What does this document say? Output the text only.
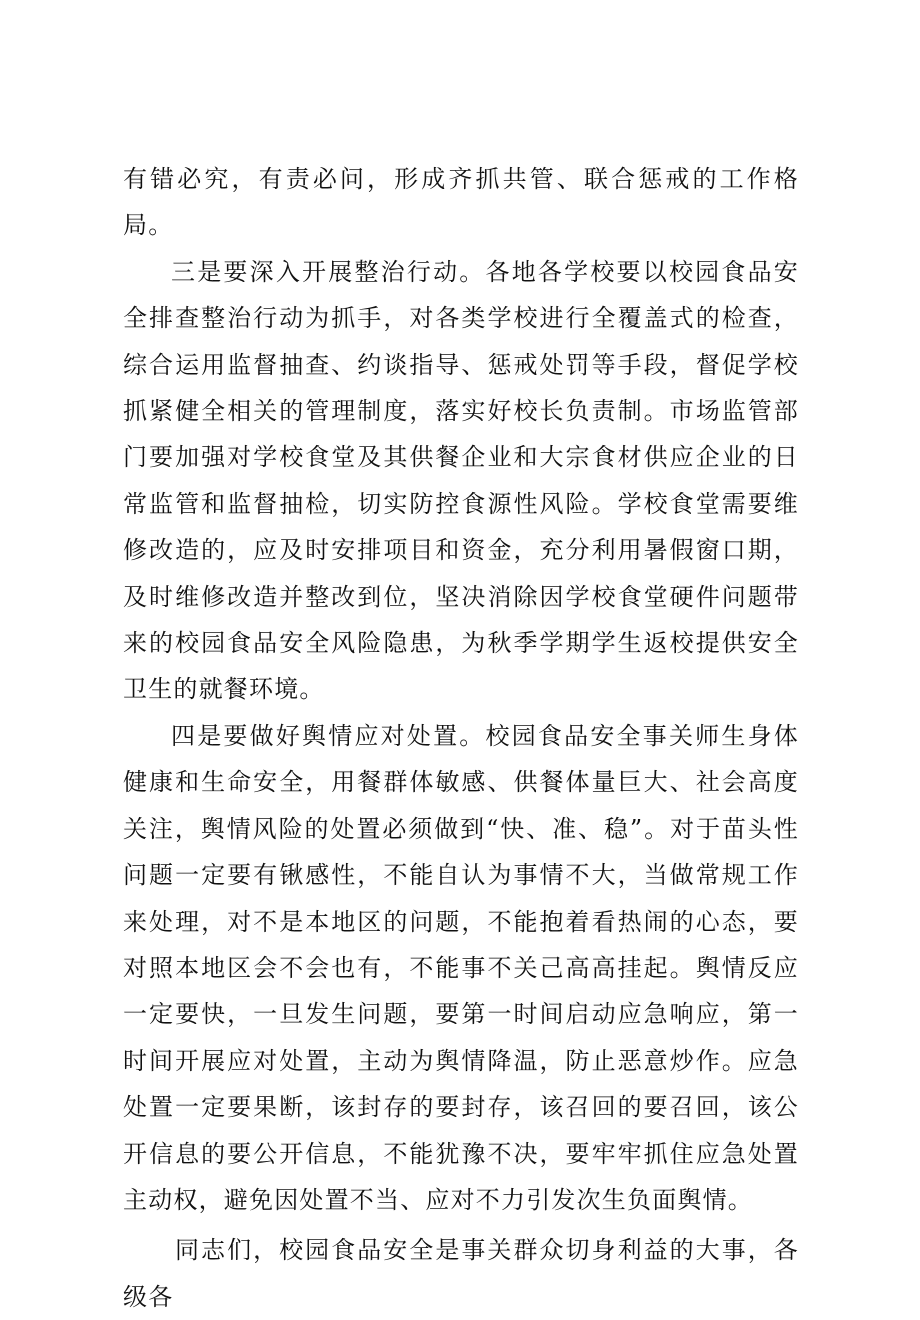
有错必究，有责必问，形成齐抓共管、联合惩戒的工作格局。

三是要深入开展整治行动。各地各学校要以校园食品安全排查整治行动为抓手，对各类学校进行全覆盖式的检查，综合运用监督抽查、约谈指导、惩戒处罚等手段，督促学校抓紧健全相关的管理制度，落实好校长负责制。市场监管部门要加强对学校食堂及其供餐企业和大宗食材供应企业的日常监管和监督抽检，切实防控食源性风险。学校食堂需要维修改造的，应及时安排项目和资金，充分利用暑假窗口期，及时维修改造并整改到位，坚决消除因学校食堂硬件问题带来的校园食品安全风险隐患，为秋季学期学生返校提供安全卫生的就餐环境。

四是要做好舆情应对处置。校园食品安全事关师生身体健康和生命安全，用餐群体敏感、供餐体量巨大、社会高度关注，舆情风险的处置必须做到“快、准、稳”。对于苗头性问题一定要有锹感性，不能自认为事情不大，当做常规工作来处理，对不是本地区的问题，不能抱着看热闹的心态，要对照本地区会不会也有，不能事不关己高高挂起。舆情反应一定要快，一旦发生问题，要第一时间启动应急响应，第一时间开展应对处置，主动为舆情降温，防止恶意炒作。应急处置一定要果断，该封存的要封存，该召回的要召回，该公开信息的要公开信息，不能犹豫不决，要牢牢抓住应急处置主动权，避免因处置不当、应对不力引发次生负面舆情。

同志们，校园食品安全是事关群众切身利益的大事，各级各
